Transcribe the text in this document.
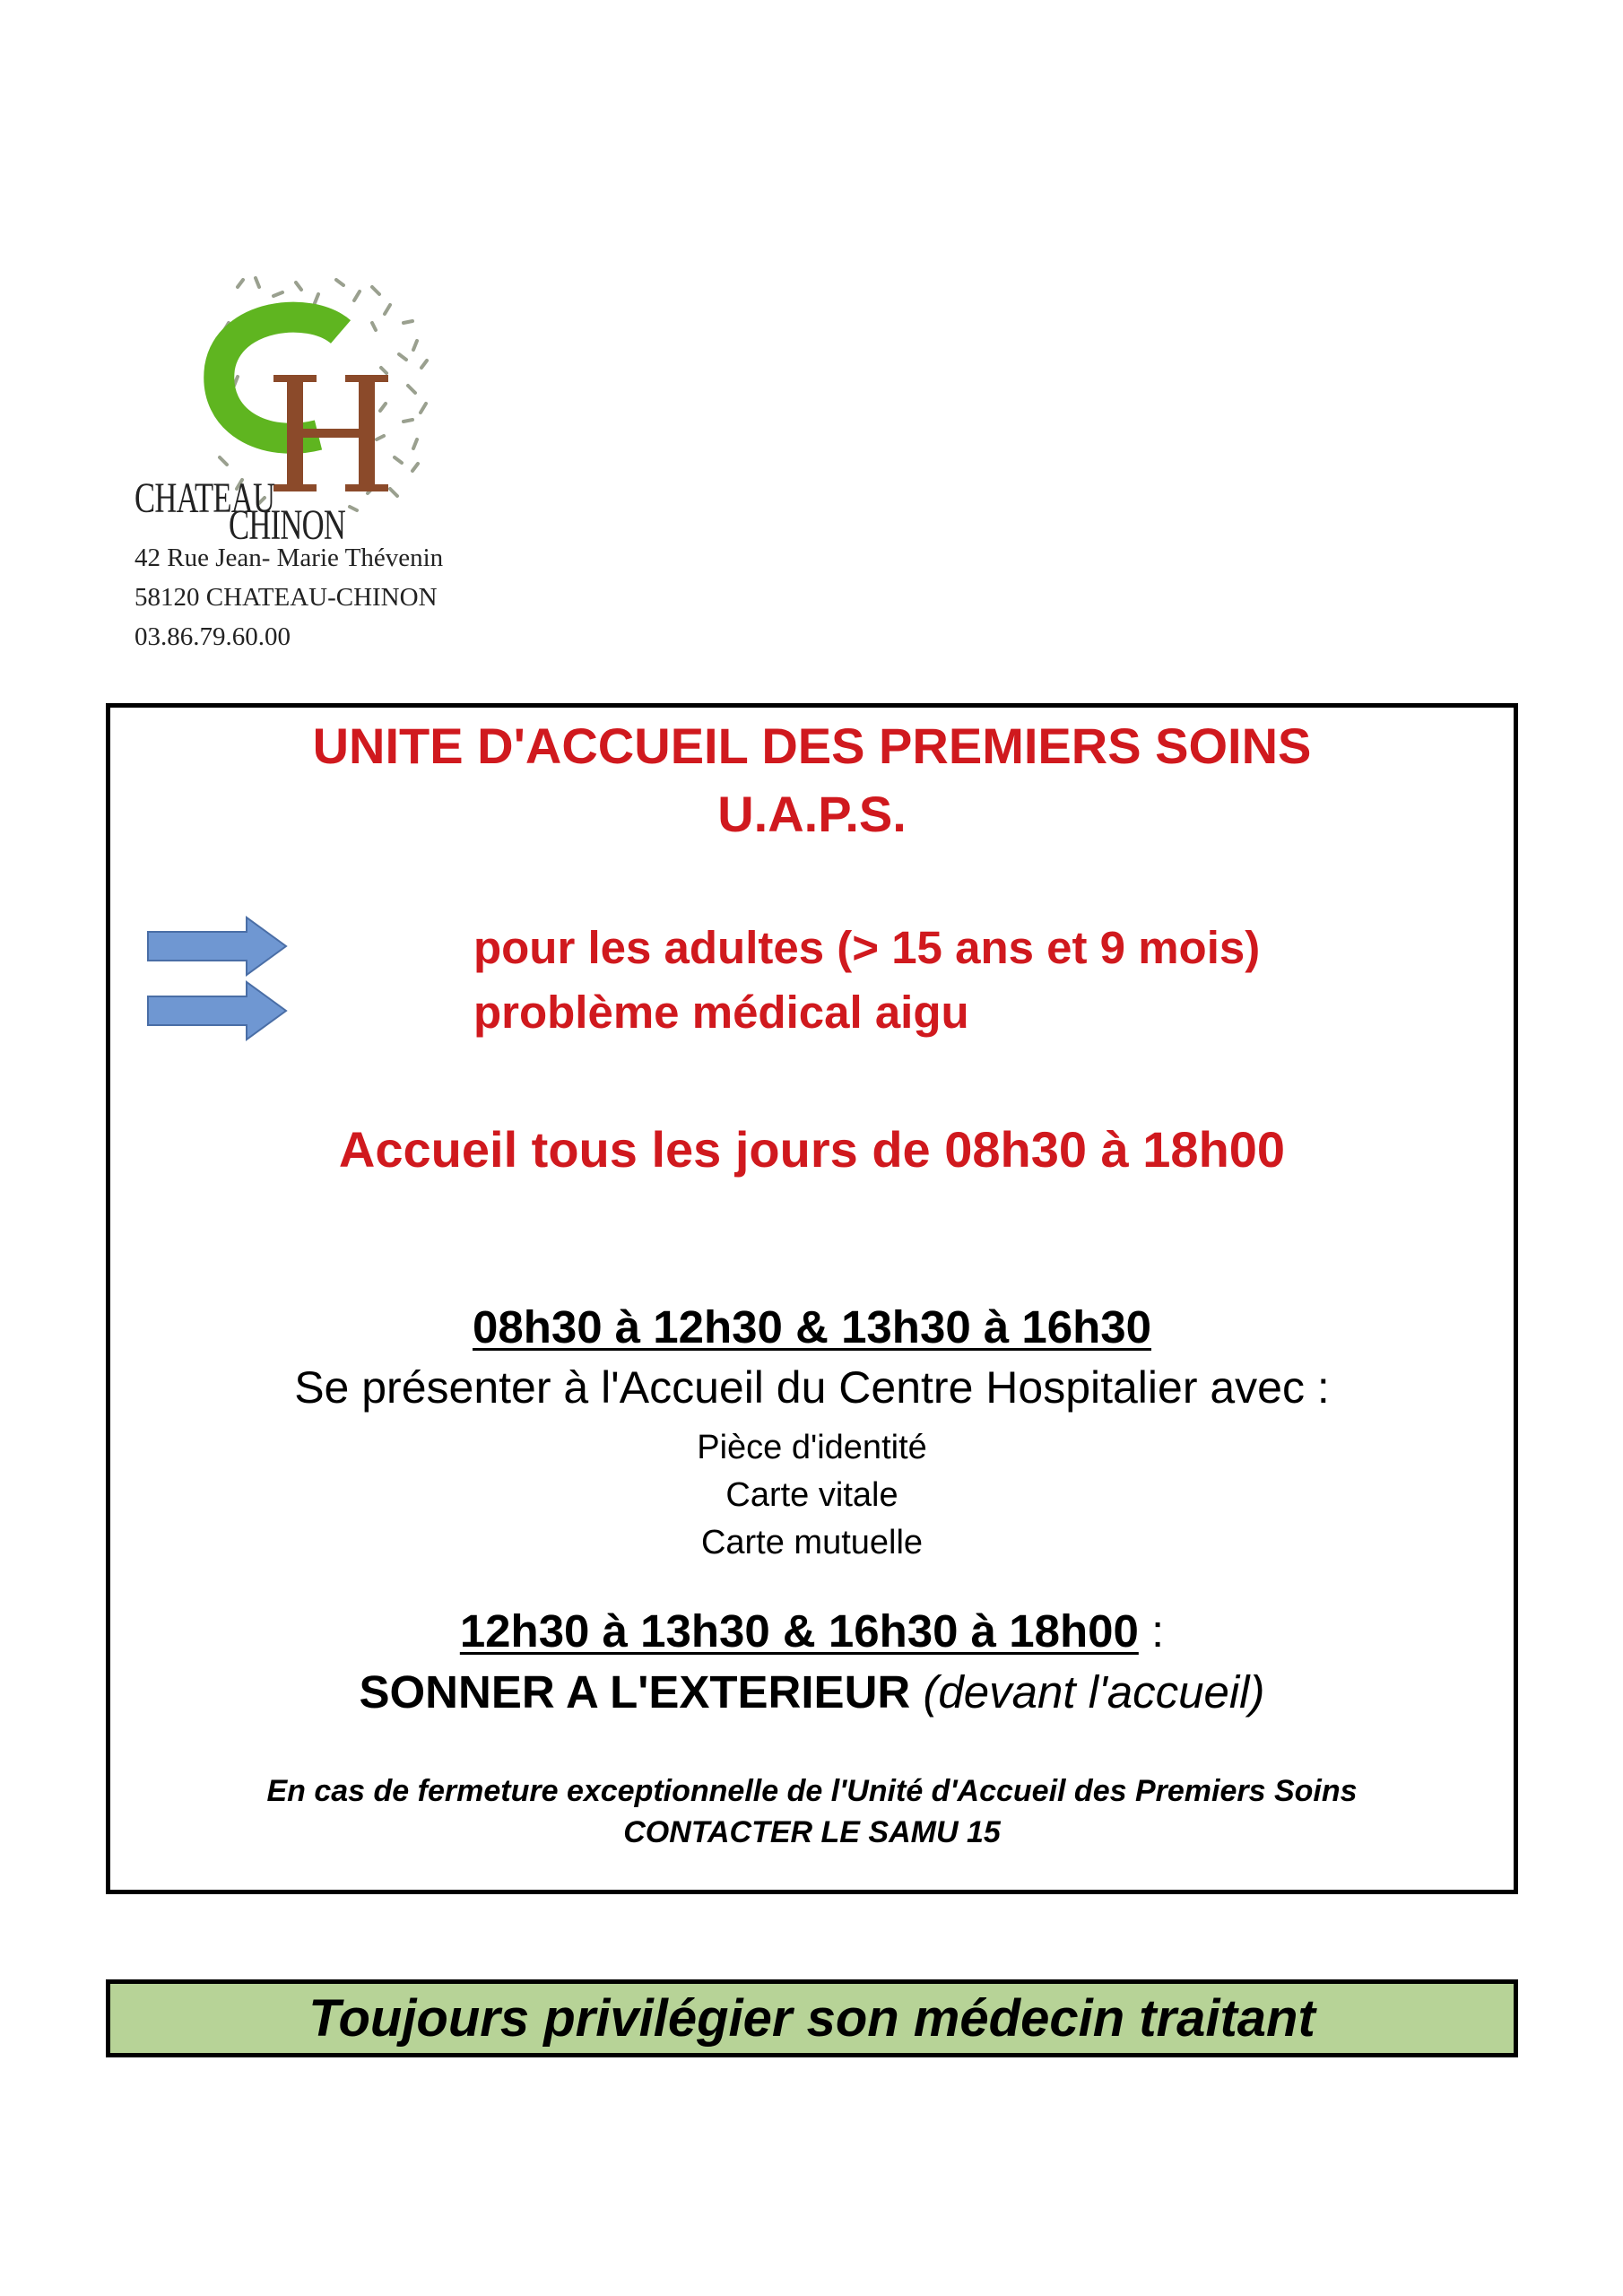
CHATEAU
CHINON
42 Rue Jean- Marie Thévenin
58120 CHATEAU-CHINON
03.86.79.60.00
UNITE D'ACCUEIL DES PREMIERS SOINS
U.A.P.S.
pour les adultes (> 15 ans et 9 mois)
problème médical aigu
Accueil tous les jours de 08h30 à 18h00
08h30 à 12h30 & 13h30 à 16h30
Se présenter à l'Accueil du Centre Hospitalier avec :
Pièce d'identité
Carte vitale
Carte mutuelle
12h30 à 13h30 & 16h30 à 18h00 :
SONNER A L'EXTERIEUR (devant l'accueil)
En cas de fermeture exceptionnelle de l'Unité d'Accueil des Premiers Soins
CONTACTER LE SAMU 15
Toujours privilégier son médecin traitant
